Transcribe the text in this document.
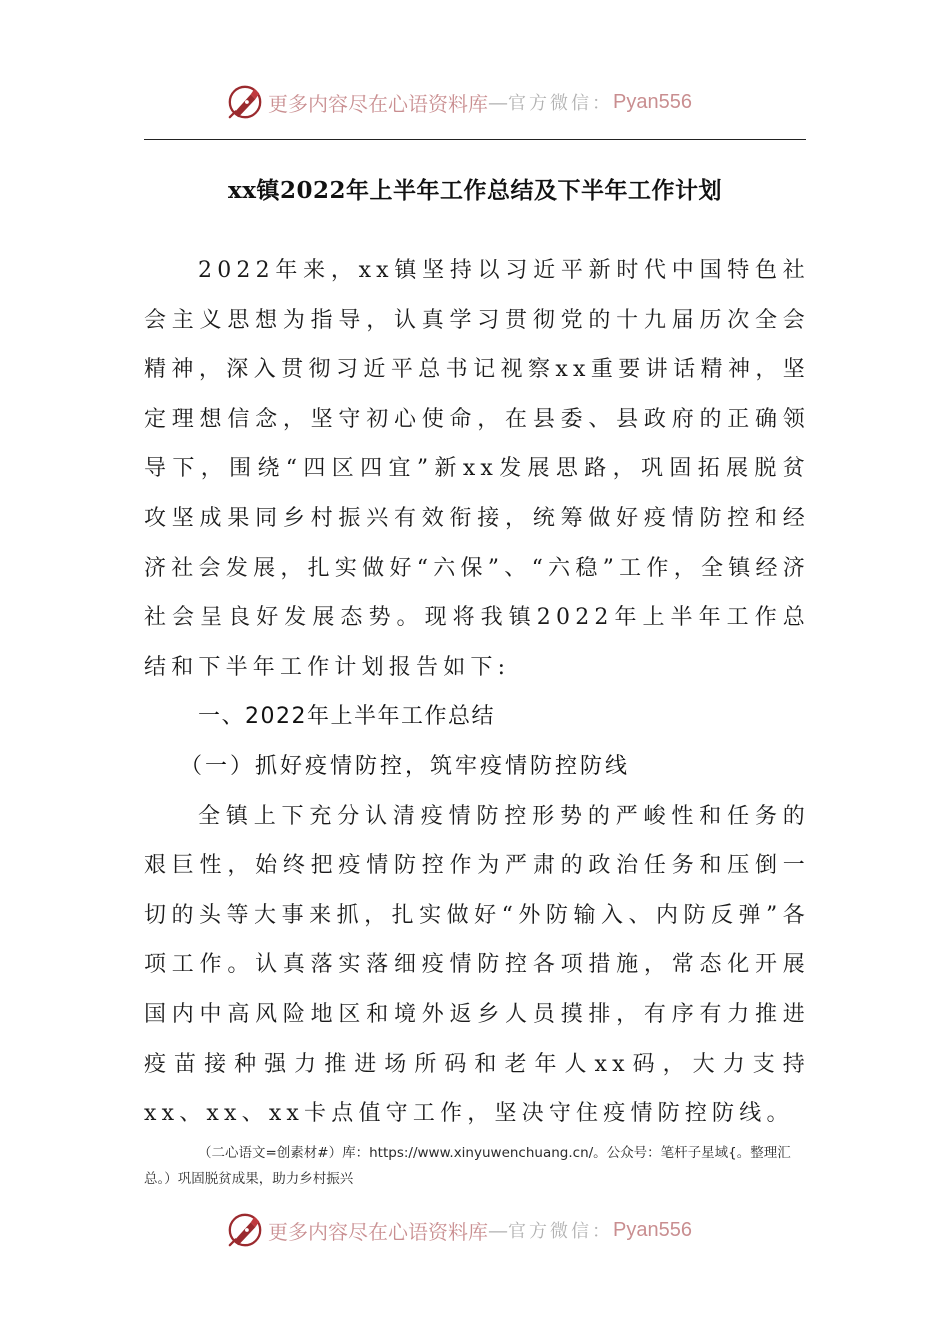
更多内容尽在心语资料库 — 官方微信： Pyan556
xx镇2022年上半年工作总结及下半年工作计划

2022年来，xx镇坚持以习近平新时代中国特色社会主义思想为指导，认真学习贯彻党的十九届历次全会精神，深入贯彻习近平总书记视察xx重要讲话精神，坚定理想信念，坚守初心使命，在县委、县政府的正确领导下，围绕“四区四宜”新xx发展思路，巩固拓展脱贫攻坚成果同乡村振兴有效衔接，统筹做好疫情防控和经济社会发展，扎实做好“六保”、“六稳”工作，全镇经济社会呈良好发展态势。现将我镇2022年上半年工作总结和下半年工作计划报告如下:

一、2022年上半年工作总结

（一）抓好疫情防控，筑牢疫情防控防线

全镇上下充分认清疫情防控形势的严峻性和任务的艰巨性，始终把疫情防控作为严肃的政治任务和压倒一切的头等大事来抓，扎实做好“外防输入、内防反弹”各项工作。认真落实落细疫情防控各项措施，常态化开展国内中高风险地区和境外返乡人员摸排，有序有力推进疫苗接种强力推进场所码和老年人xx码，大力支持xx、xx、xx卡点值守工作，坚决守住疫情防控防线。

（二心语文=创素材#）库：https://www.xinyuwenchuang.cn/。公众号：笔杆子星域{。整理汇总。）巩固脱贫成果，助力乡村振兴
更多内容尽在心语资料库 — 官方微信： Pyan556
